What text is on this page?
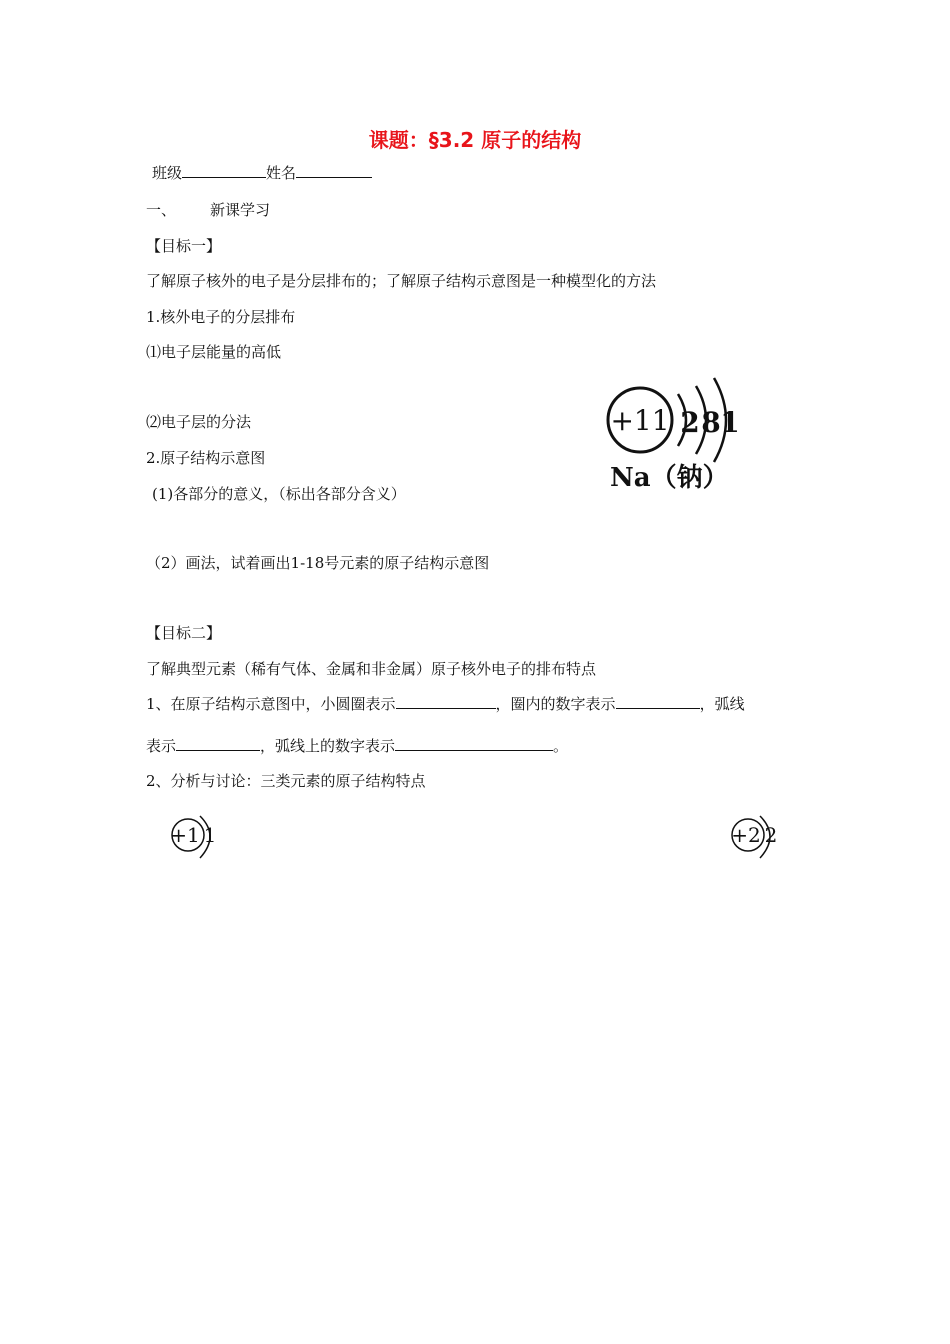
课题：§3.2 原子的结构
班级	姓名
一、 新课学习
【目标一】
了解原子核外的电子是分层排布的；了解原子结构示意图是一种模型化的方法
1.核外电子的分层排布
⑴电子层能量的高低
⑵电子层的分法
2.原子结构示意图
(1)各部分的意义，（标出各部分含义）
（2）画法，试着画出1-18号元素的原子结构示意图
+11 2 8 1
Na（钠）
【目标二】
了解典型元素（稀有气体、金属和非金属）原子核外电子的排布特点
1、在原子结构示意图中，小圆圈表示	，圈内的数字表示	，弧线
表示	，弧线上的数字表示	。
2、分析与讨论：三类元素的原子结构特点
+1 1	+2 2
